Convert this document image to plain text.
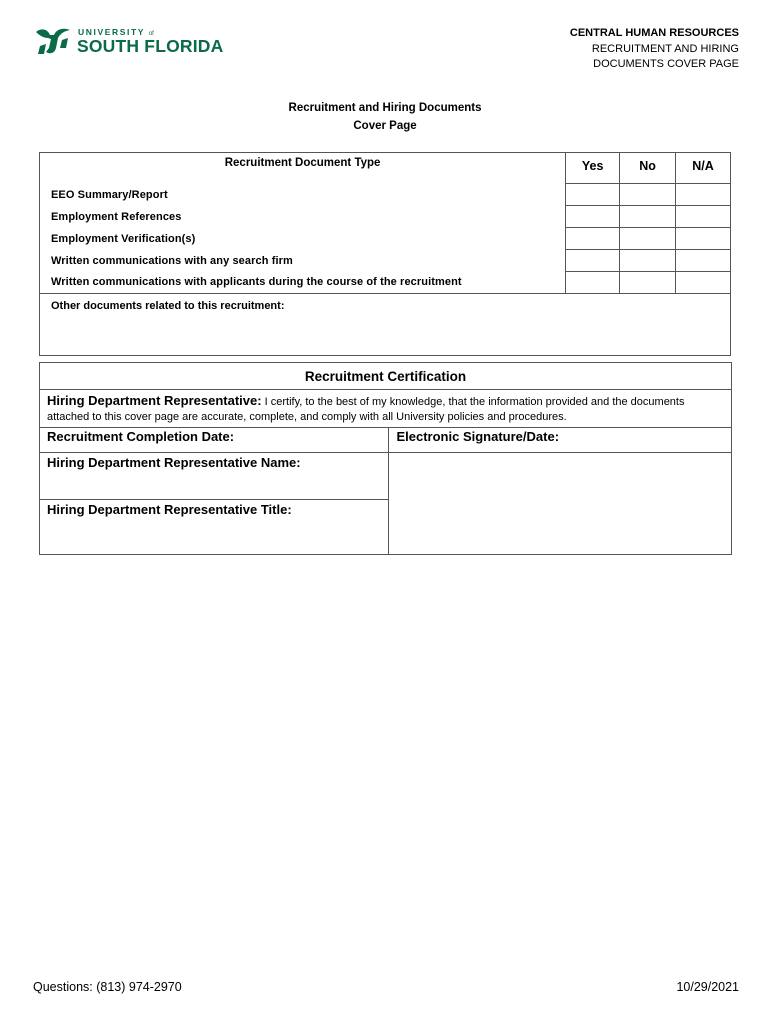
UNIVERSITY of
SOUTH FLORIDA
CENTRAL HUMAN RESOURCES
RECRUITMENT AND HIRING
DOCUMENTS COVER PAGE
Recruitment and Hiring Documents
Cover Page
Recruitment Document Type	Yes	No	N/A
EEO Summary/Report			
Employment References			
Employment Verification(s)			
Written communications with any search firm			
Written communications with applicants during the course of the recruitment			
Other documents related to this recruitment:			
Recruitment Certification	
Hiring Department Representative: I certify, to the best of my knowledge, that the information provided and the documents attached to this cover page are accurate, complete, and comply with all University policies and procedures.	
Recruitment Completion Date:	Electronic Signature/Date:
Hiring Department Representative Name:	
Hiring Department Representative Title:	
Questions: (813) 974-2970	10/29/2021
